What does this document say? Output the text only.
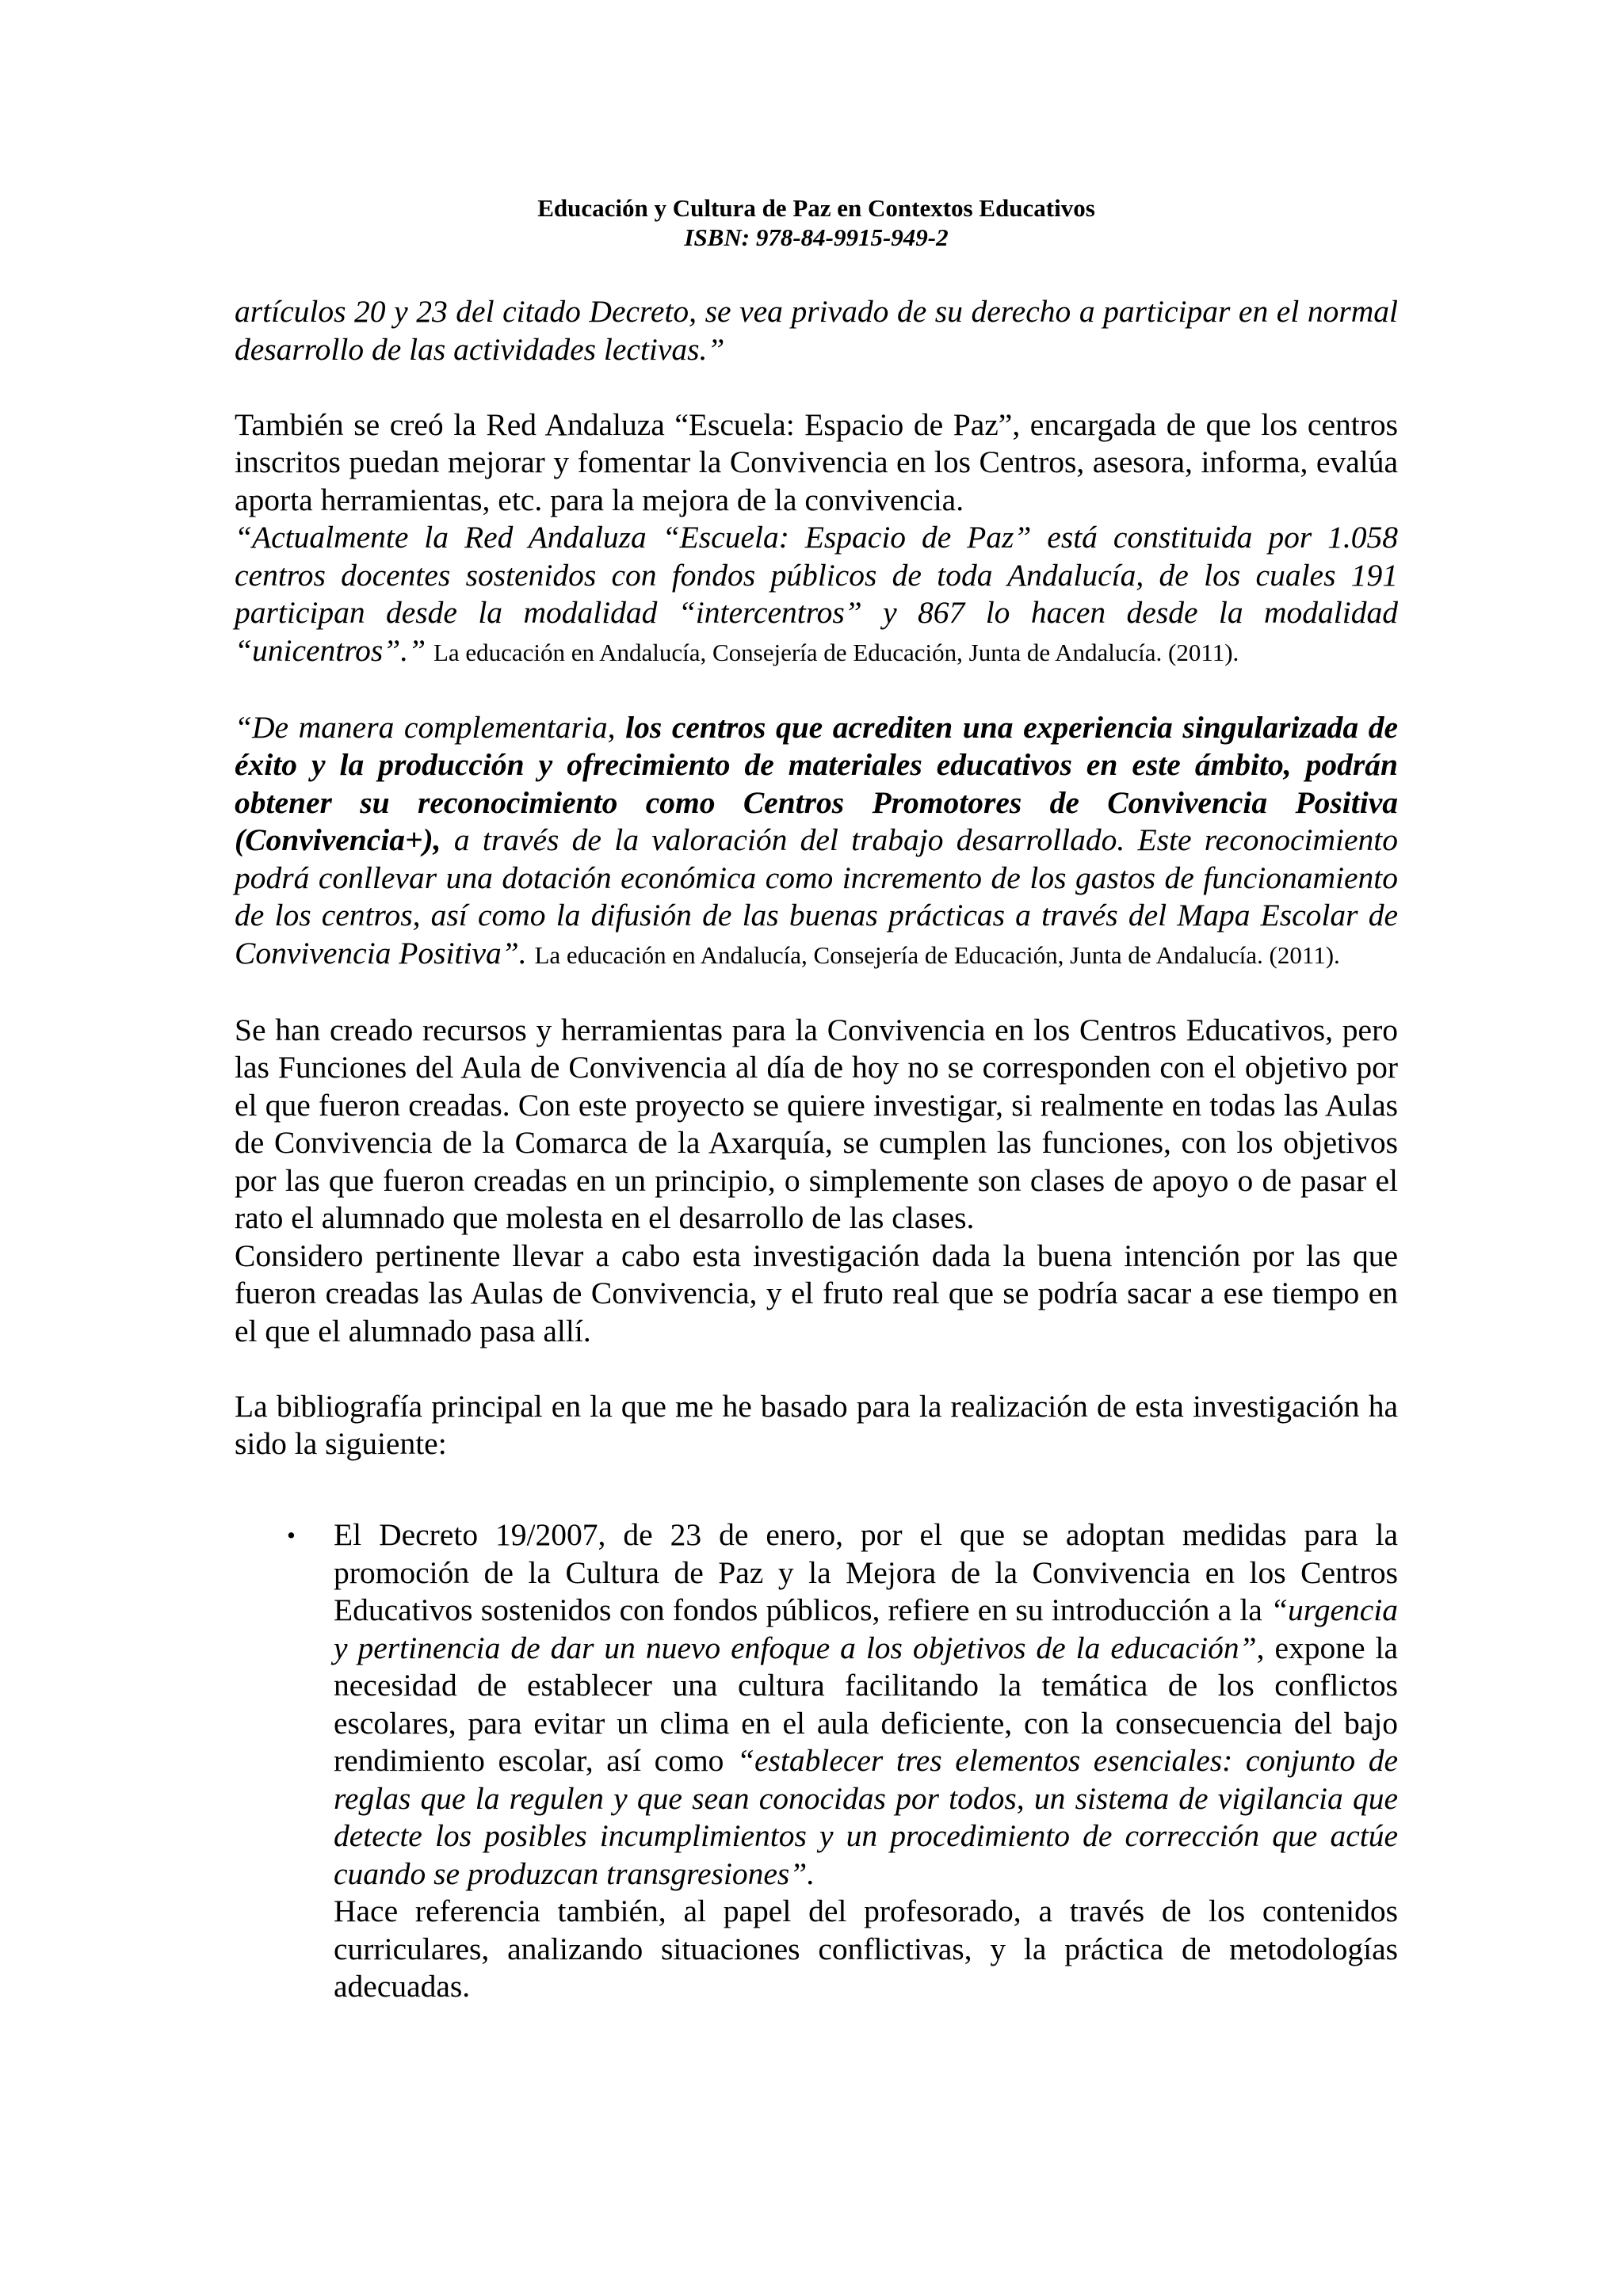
Educación y Cultura de Paz en Contextos Educativos
ISBN: 978-84-9915-949-2

artículos 20 y 23 del citado Decreto, se vea privado de su derecho a participar en el normal desarrollo de las actividades lectivas.”

También se creó la Red Andaluza “Escuela: Espacio de Paz”, encargada de que los centros inscritos puedan mejorar y fomentar la Convivencia en los Centros, asesora, informa, evalúa aporta herramientas, etc. para la mejora de la convivencia.

“Actualmente la Red Andaluza “Escuela: Espacio de Paz” está constituida por 1.058 centros docentes sostenidos con fondos públicos de toda Andalucía, de los cuales 191 participan desde la modalidad “intercentros” y 867 lo hacen desde la modalidad “unicentros”.” La educación en Andalucía, Consejería de Educación, Junta de Andalucía. (2011).

“De manera complementaria, los centros que acrediten una experiencia singularizada de éxito y la producción y ofrecimiento de materiales educativos en este ámbito, podrán obtener su reconocimiento como Centros Promotores de Convivencia Positiva (Convivencia+), a través de la valoración del trabajo desarrollado. Este reconocimiento podrá conllevar una dotación económica como incremento de los gastos de funcionamiento de los centros, así como la difusión de las buenas prácticas a través del Mapa Escolar de Convivencia Positiva”. La educación en Andalucía, Consejería de Educación, Junta de Andalucía. (2011).

Se han creado recursos y herramientas para la Convivencia en los Centros Educativos, pero las Funciones del Aula de Convivencia al día de hoy no se corresponden con el objetivo por el que fueron creadas. Con este proyecto se quiere investigar, si realmente en todas las Aulas de Convivencia de la Comarca de la Axarquía, se cumplen las funciones, con los objetivos por las que fueron creadas en un principio, o simplemente son clases de apoyo o de pasar el rato el alumnado que molesta en el desarrollo de las clases.

Considero pertinente llevar a cabo esta investigación dada la buena intención por las que fueron creadas las Aulas de Convivencia, y el fruto real que se podría sacar a ese tiempo en el que el alumnado pasa allí.

La bibliografía principal en la que me he basado para la realización de esta investigación ha sido la siguiente:

• El Decreto 19/2007, de 23 de enero, por el que se adoptan medidas para la promoción de la Cultura de Paz y la Mejora de la Convivencia en los Centros Educativos sostenidos con fondos públicos, refiere en su introducción a la “urgencia y pertinencia de dar un nuevo enfoque a los objetivos de la educación”, expone la necesidad de establecer una cultura facilitando la temática de los conflictos escolares, para evitar un clima en el aula deficiente, con la consecuencia del bajo rendimiento escolar, así como “establecer tres elementos esenciales: conjunto de reglas que la regulen y que sean conocidas por todos, un sistema de vigilancia que detecte los posibles incumplimientos y un procedimiento de corrección que actúe cuando se produzcan transgresiones”.
Hace referencia también, al papel del profesorado, a través de los contenidos curriculares, analizando situaciones conflictivas, y la práctica de metodologías adecuadas.
